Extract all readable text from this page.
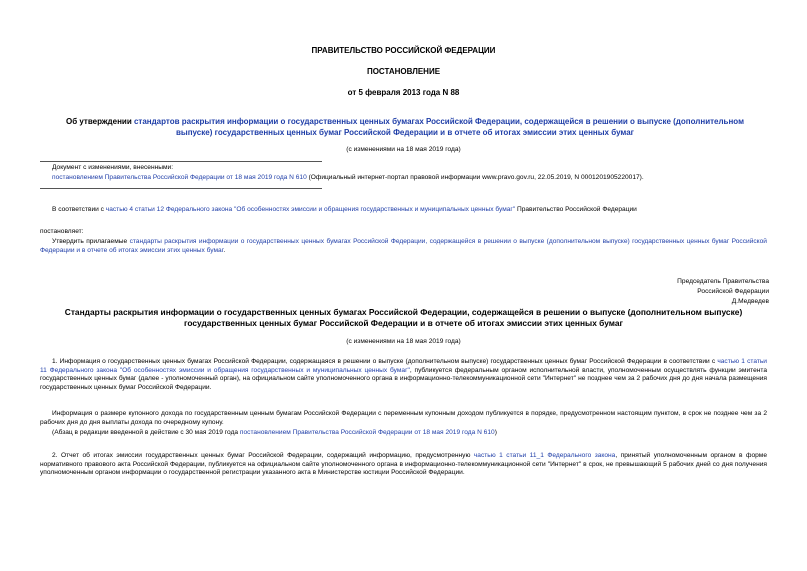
ПРАВИТЕЛЬСТВО РОССИЙСКОЙ ФЕДЕРАЦИИ
ПОСТАНОВЛЕНИЕ
от 5 февраля 2013 года N 88
Об утверждении стандартов раскрытия информации о государственных ценных бумагах Российской Федерации, содержащейся в решении о выпуске (дополнительном выпуске) государственных ценных бумаг Российской Федерации и в отчете об итогах эмиссии этих ценных бумаг
(с изменениями на 18 мая 2019 года)
Документ с изменениями, внесенными:
постановлением Правительства Российской Федерации от 18 мая 2019 года N 610 (Официальный интернет-портал правовой информации www.pravo.gov.ru, 22.05.2019, N 0001201905220017).
В соответствии с частью 4 статьи 12 Федерального закона "Об особенностях эмиссии и обращения государственных и муниципальных ценных бумаг" Правительство Российской Федерации
постановляет:
Утвердить прилагаемые стандарты раскрытия информации о государственных ценных бумагах Российской Федерации, содержащейся в решении о выпуске (дополнительном выпуске) государственных ценных бумаг Российской Федерации и в отчете об итогах эмиссии этих ценных бумаг.
Председатель Правительства
Российской Федерации
Д.Медведев
Стандарты раскрытия информации о государственных ценных бумагах Российской Федерации, содержащейся в решении о выпуске (дополнительном выпуске) государственных ценных бумаг Российской Федерации и в отчете об итогах эмиссии этих ценных бумаг
(с изменениями на 18 мая 2019 года)
1. Информация о государственных ценных бумагах Российской Федерации, содержащаяся в решении о выпуске (дополнительном выпуске) государственных ценных бумаг Российской Федерации в соответствии с частью 1 статьи 11 Федерального закона "Об особенностях эмиссии и обращения государственных и муниципальных ценных бумаг", публикуется федеральным органом исполнительной власти, уполномоченным осуществлять функции эмитента государственных ценных бумаг (далее - уполномоченный орган), на официальном сайте уполномоченного органа в информационно-телекоммуникационной сети "Интернет" не позднее чем за 2 рабочих дня до дня начала размещения государственных ценных бумаг Российской Федерации.
Информация о размере купонного дохода по государственным ценным бумагам Российской Федерации с переменным купонным доходом публикуется в порядке, предусмотренном настоящим пунктом, в срок не позднее чем за 2 рабочих дня до дня выплаты дохода по очередному купону.
(Абзац в редакции введенной в действие с 30 мая 2019 года постановлением Правительства Российской Федерации от 18 мая 2019 года N 610)
2. Отчет об итогах эмиссии государственных ценных бумаг Российской Федерации, содержащий информацию, предусмотренную частью 1 статьи 11_1 Федерального закона, принятый уполномоченным органом в форме нормативного правового акта Российской Федерации, публикуется на официальном сайте уполномоченного органа в информационно-телекоммуникационной сети "Интернет" в срок, не превышающий 5 рабочих дней со дня получения уполномоченным органом информации о государственной регистрации указанного акта в Министерстве юстиции Российской Федерации.
